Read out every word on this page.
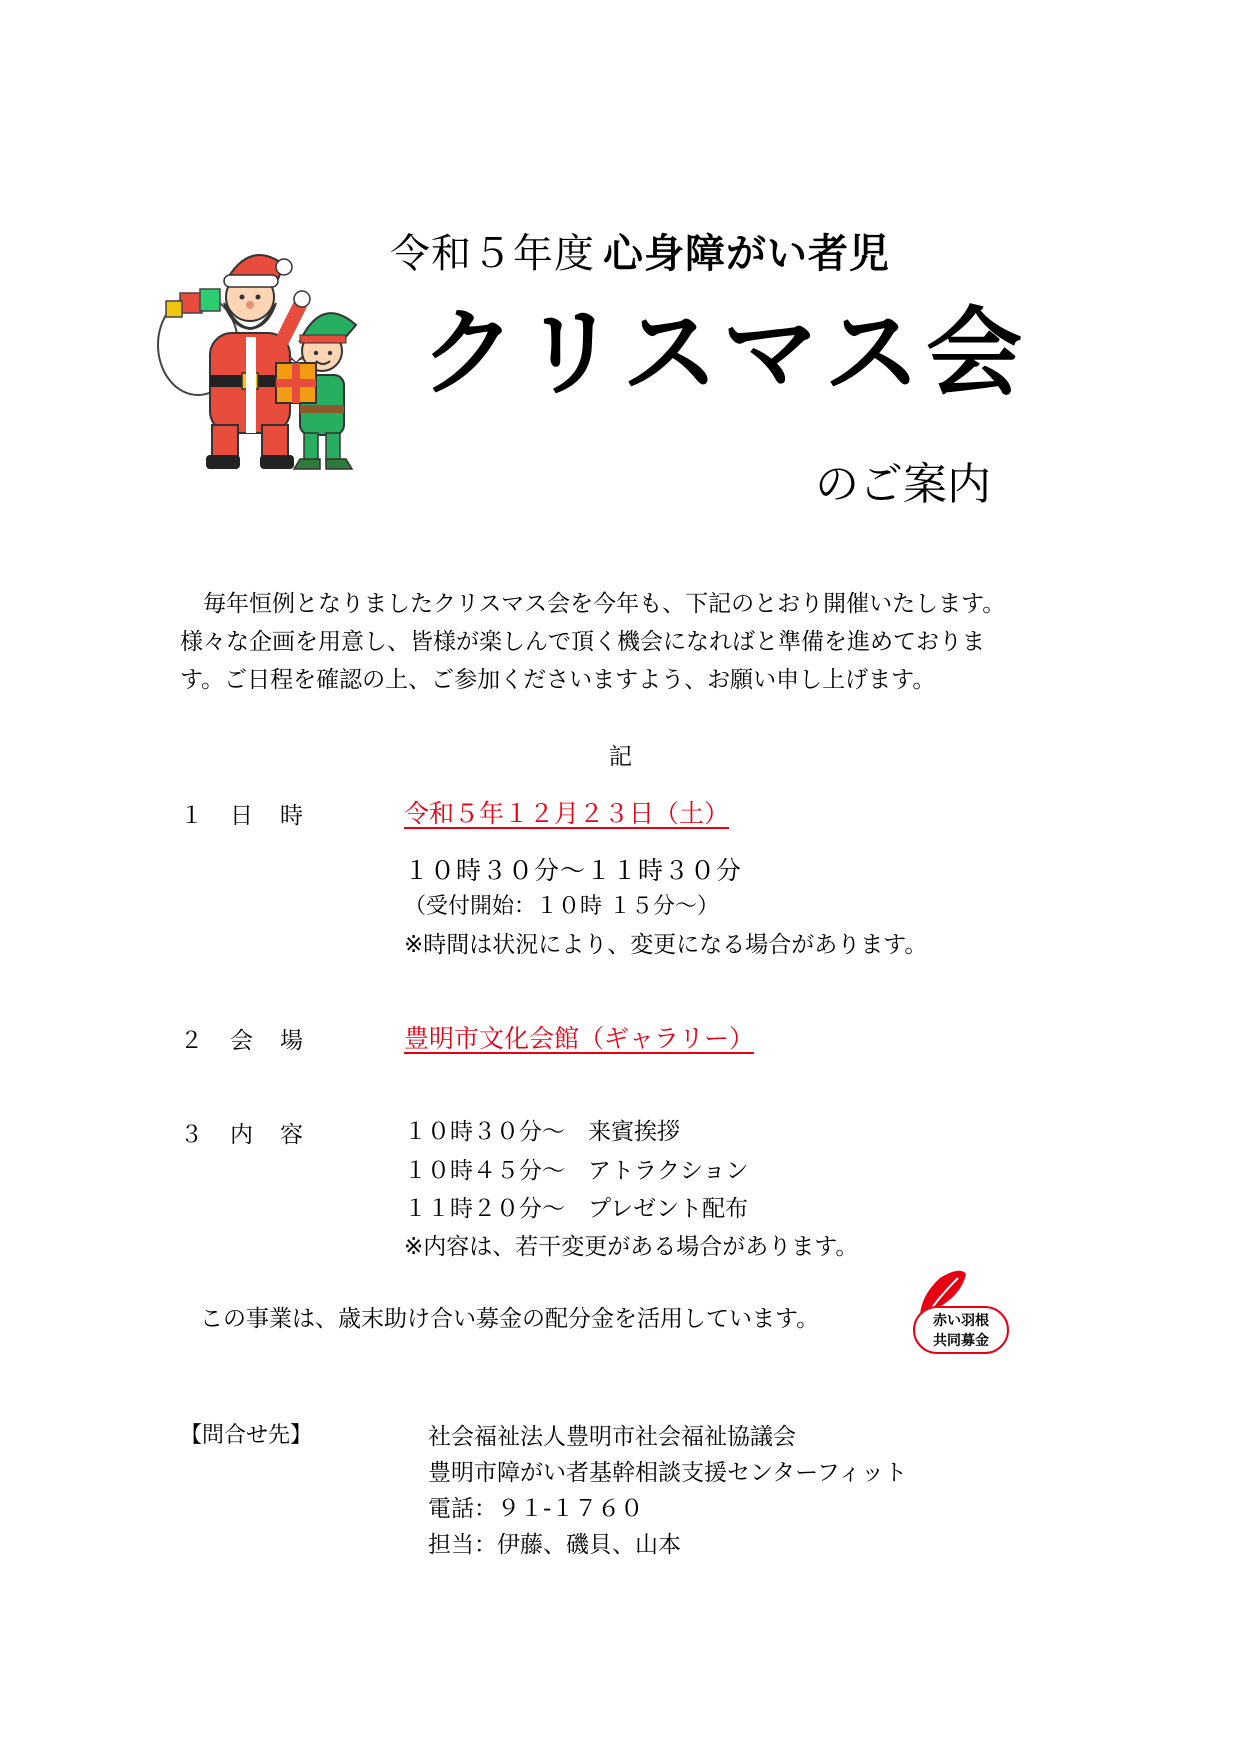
令和５年度 心身障がい者児
クリスマス会
のご案内

毎年恒例となりましたクリスマス会を今年も、下記のとおり開催いたします。

様々な企画を用意し、皆様が楽しんで頂く機会になればと準備を進めておりま

す。ご日程を確認の上、ご参加くださいますよう、お願い申し上げます。

記
１　日　時	令和５年１２月２３日（土）
１０時３０分～１１時３０分
（受付開始：１０時 １５分～）
※時間は状況により、変更になる場合があります。
２　会　場	豊明市文化会館（ギャラリー）
３　内　容	１０時３０分～　来賓挨拶
１０時４５分～　アトラクション
１１時２０分～　プレゼント配布
※内容は、若干変更がある場合があります。
この事業は、歳末助け合い募金の配分金を活用しています。	赤い羽根
共同募金
【問合せ先】	社会福祉法人豊明市社会福祉協議会
豊明市障がい者基幹相談支援センターフィット
電話：９１-１７６０
担当：伊藤、磯貝、山本
